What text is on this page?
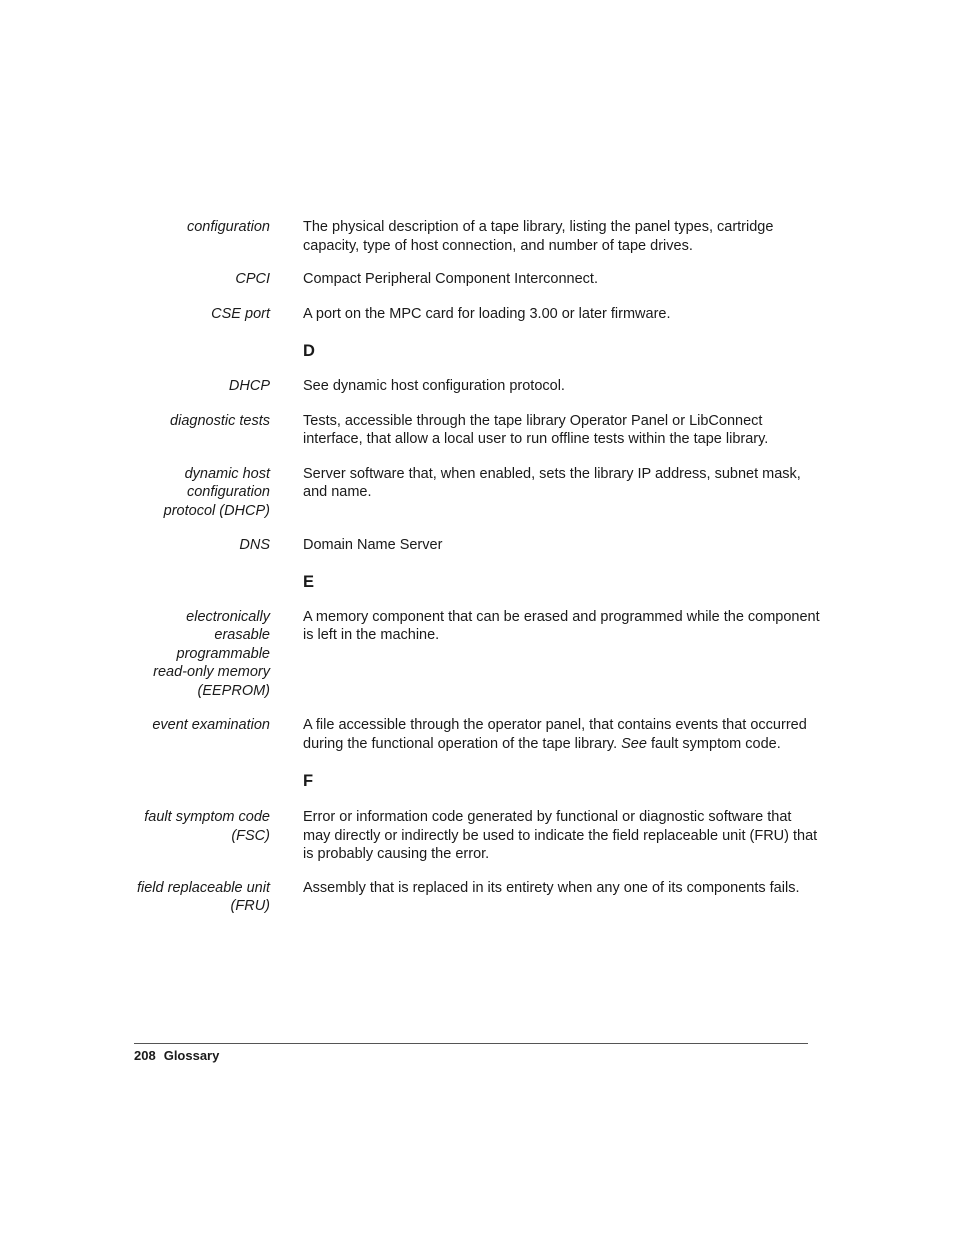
configuration The physical description of a tape library, listing the panel types, cartridge capacity, type of host connection, and number of tape drives.
CPCI Compact Peripheral Component Interconnect.
CSE port A port on the MPC card for loading 3.00 or later firmware.
D
DHCP See dynamic host configuration protocol.
diagnostic tests Tests, accessible through the tape library Operator Panel or LibConnect interface, that allow a local user to run offline tests within the tape library.
dynamic host
configuration
protocol (DHCP)
Server software that, when enabled, sets the library IP address, subnet mask, and name.
DNS Domain Name Server
E
electronically
erasable
programmable
read-only memory
(EEPROM)
A memory component that can be erased and programmed while the component is left in the machine.
event examination A file accessible through the operator panel, that contains events that occurred during the functional operation of the tape library. See fault symptom code.
F
fault symptom code
(FSC)
Error or information code generated by functional or diagnostic software that may directly or indirectly be used to indicate the field replaceable unit (FRU) that is probably causing the error.
field replaceable unit
(FRU)
Assembly that is replaced in its entirety when any one of its components fails.
208 Glossary
